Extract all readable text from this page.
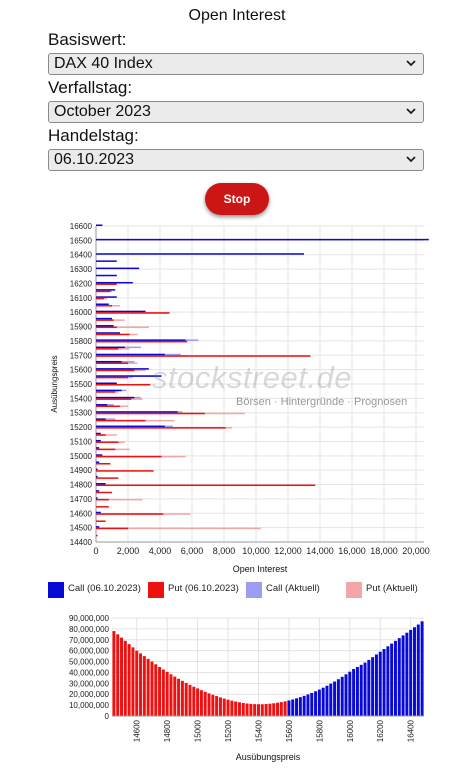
Open Interest
Basiswert:
DAX 40 Index
Verfallstag:
October 2023
Handelstag:
06.10.2023
Stop
0 2,000 4,000 6,000 8,000 10,000 12,000 14,000 16,000 18,000 20,000
14400
14500
14600
14700
14800
14900
15000
15100
15200
15300
15400
15500
15600
15700
15800
15900
16000
16100
16200
16300
16400
16500
16600
Open Interest
Ausübungspreis	stockstreet.de
Börsen · Hintergründe · Prognosen
Call (06.10.2023)	Put (06.10.2023)	Call (Aktuell)	Put (Aktuell)
0
10,000,000
20,000,000
30,000,000
40,000,000
50,000,000
60,000,000
70,000,000
80,000,000
90,000,000
14600	14800	15000	15200	15400	15600	15800	16000	16200	16400
Ausübungspreis
